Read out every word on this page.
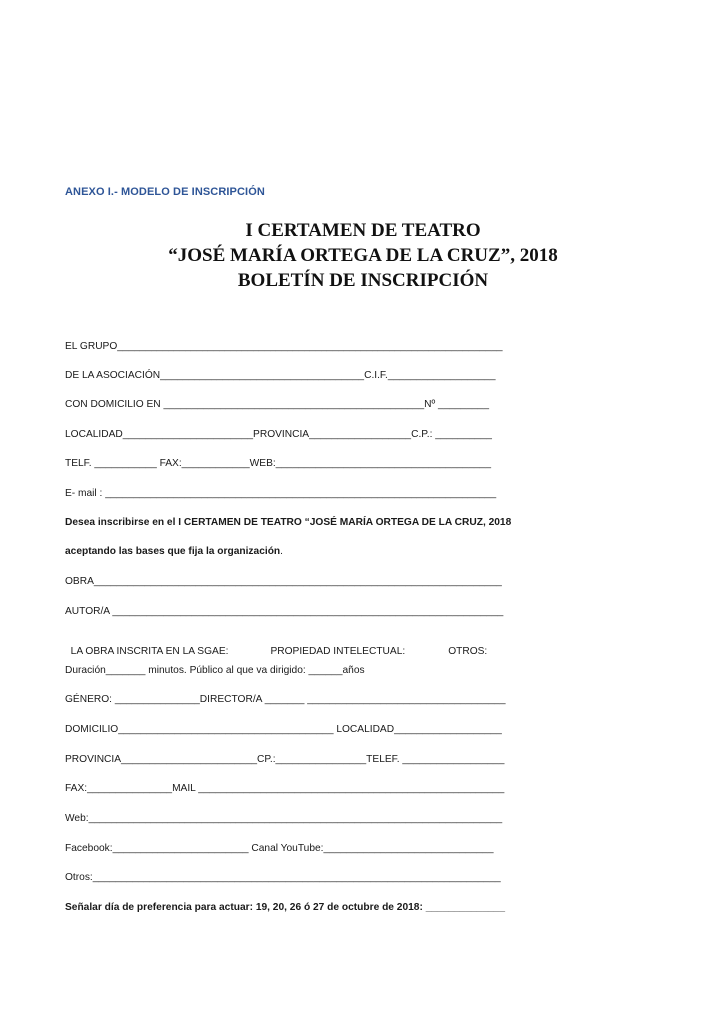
ANEXO I.- MODELO DE INSCRIPCIÓN
I CERTAMEN DE TEATRO
“JOSÉ MARÍA ORTEGA DE LA CRUZ”, 2018
BOLETÍN DE INSCRIPCIÓN
EL GRUPO____________________________________________________________________
DE LA ASOCIACIÓN____________________________________C.I.F.___________________
CON DOMICILIO EN ______________________________________________Nº _________
LOCALIDAD_______________________PROVINCIA__________________C.P.: __________
TELF. ___________ FAX:____________WEB:______________________________________
E- mail : _____________________________________________________________________
Desea inscribirse en el I CERTAMEN DE TEATRO “JOSÉ MARÍA ORTEGA DE LA CRUZ, 2018
aceptando las bases que fija la organización.
OBRA________________________________________________________________________
AUTOR/A _____________________________________________________________________

LA OBRA INSCRITA EN LA SGAE:	PROPIEDAD INTELECTUAL:	OTROS:

Duración_______ minutos. Público al que va dirigido: ______años
GÉNERO: _______________DIRECTOR/A _______ ___________________________________
DOMICILIO______________________________________ LOCALIDAD___________________
PROVINCIA________________________CP.:________________TELEF. __________________
FAX:_______________MAIL ______________________________________________________
Web:_________________________________________________________________________
Facebook:________________________ Canal YouTube:______________________________
Otros:________________________________________________________________________
Señalar día de preferencia para actuar: 19, 20, 26 ó 27 de octubre de 2018: ______________
